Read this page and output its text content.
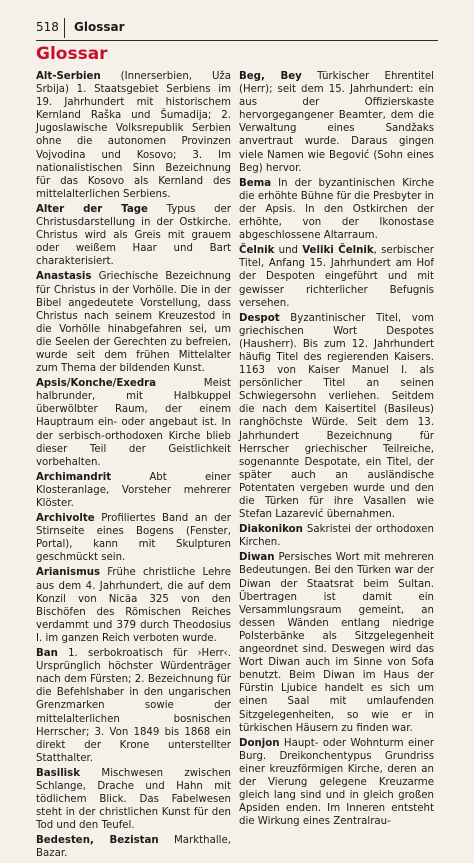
518 Glossar
Glossar

Alt-Serbien (Innerserbien, Uža Srbija) 1. Staatsgebiet Serbiens im 19. Jahrhundert mit historischem Kernland Raška und Šumadija; 2. Jugoslawische Volksrepublik Serbien ohne die autonomen Provinzen Vojvodina und Kosovo; 3. Im nationalistischen Sinn Bezeichnung für das Kosovo als Kernland des mittelalterlichen Serbiens.

Alter der Tage Typus der Christusdarstellung in der Ostkirche. Christus wird als Greis mit grauem oder weißem Haar und Bart charakterisiert.

Anastasis Griechische Bezeichnung für Christus in der Vorhölle. Die in der Bibel angedeutete Vorstellung, dass Christus nach seinem Kreuzestod in die Vorhölle hinabgefahren sei, um die Seelen der Gerechten zu befreien, wurde seit dem frühen Mittelalter zum Thema der bildenden Kunst.

Apsis/Konche/Exedra Meist halbrunder, mit Halbkuppel überwölbter Raum, der einem Hauptraum ein- oder angebaut ist. In der serbisch-orthodoxen Kirche blieb dieser Teil der Geistlichkeit vorbehalten.

Archimandrit Abt einer Klosteranlage, Vorsteher mehrerer Klöster.

Archivolte Profiliertes Band an der Stirnseite eines Bogens (Fenster, Portal), kann mit Skulpturen geschmückt sein.

Arianismus Frühe christliche Lehre aus dem 4. Jahrhundert, die auf dem Konzil von Nicäa 325 von den Bischöfen des Römischen Reiches verdammt und 379 durch Theodosius I. im ganzen Reich verboten wurde.

Ban 1. serbokroatisch für ›Herr‹. Ursprünglich höchster Würdenträger nach dem Fürsten; 2. Bezeichnung für die Befehlshaber in den ungarischen Grenzmarken sowie der mittelalterlichen bosnischen Herrscher; 3. Von 1849 bis 1868 ein direkt der Krone unterstellter Statthalter.

Basilisk Mischwesen zwischen Schlange, Drache und Hahn mit tödlichem Blick. Das Fabelwesen steht in der christlichen Kunst für den Tod und den Teufel.

Bedesten, Bezistan Markthalle, Bazar.

Beg, Bey Türkischer Ehrentitel (Herr); seit dem 15. Jahrhundert: ein aus der Offizierskaste hervorgegangener Beamter, dem die Verwaltung eines Sandžaks anvertraut wurde. Daraus gingen viele Namen wie Begović (Sohn eines Beg) hervor.

Bema In der byzantinischen Kirche die erhöhte Bühne für die Presbyter in der Apsis. In den Ostkirchen der erhöhte, von der Ikonostase abgeschlossene Altarraum.

Čelnik und Veliki Čelnik, serbischer Titel, Anfang 15. Jahrhundert am Hof der Despoten eingeführt und mit gewisser richterlicher Befugnis versehen.

Despot Byzantinischer Titel, vom griechischen Wort Despotes (Hausherr). Bis zum 12. Jahrhundert häufig Titel des regierenden Kaisers. 1163 von Kaiser Manuel I. als persönlicher Titel an seinen Schwiegersohn verliehen. Seitdem die nach dem Kaisertitel (Basileus) ranghöchste Würde. Seit dem 13. Jahrhundert Bezeichnung für Herrscher griechischer Teilreiche, sogenannte Despotate, ein Titel, der später auch an ausländische Potentaten vergeben wurde und den die Türken für ihre Vasallen wie Stefan Lazarević übernahmen.

Diakonikon Sakristei der orthodoxen Kirchen.

Diwan Persisches Wort mit mehreren Bedeutungen. Bei den Türken war der Diwan der Staatsrat beim Sultan. Übertragen ist damit ein Versammlungsraum gemeint, an dessen Wänden entlang niedrige Polsterbänke als Sitzgelegenheit angeordnet sind. Deswegen wird das Wort Diwan auch im Sinne von Sofa benutzt. Beim Diwan im Haus der Fürstin Ljubice handelt es sich um einen Saal mit umlaufenden Sitzgelegenheiten, so wie er in türkischen Häusern zu finden war.

Donjon Haupt- oder Wohnturm einer Burg. Dreikonchentypus Grundriss einer kreuzförmigen Kirche, deren an der Vierung gelegene Kreuzarme gleich lang sind und in gleich großen Apsiden enden. Im Inneren entsteht die Wirkung eines Zentralrau-
